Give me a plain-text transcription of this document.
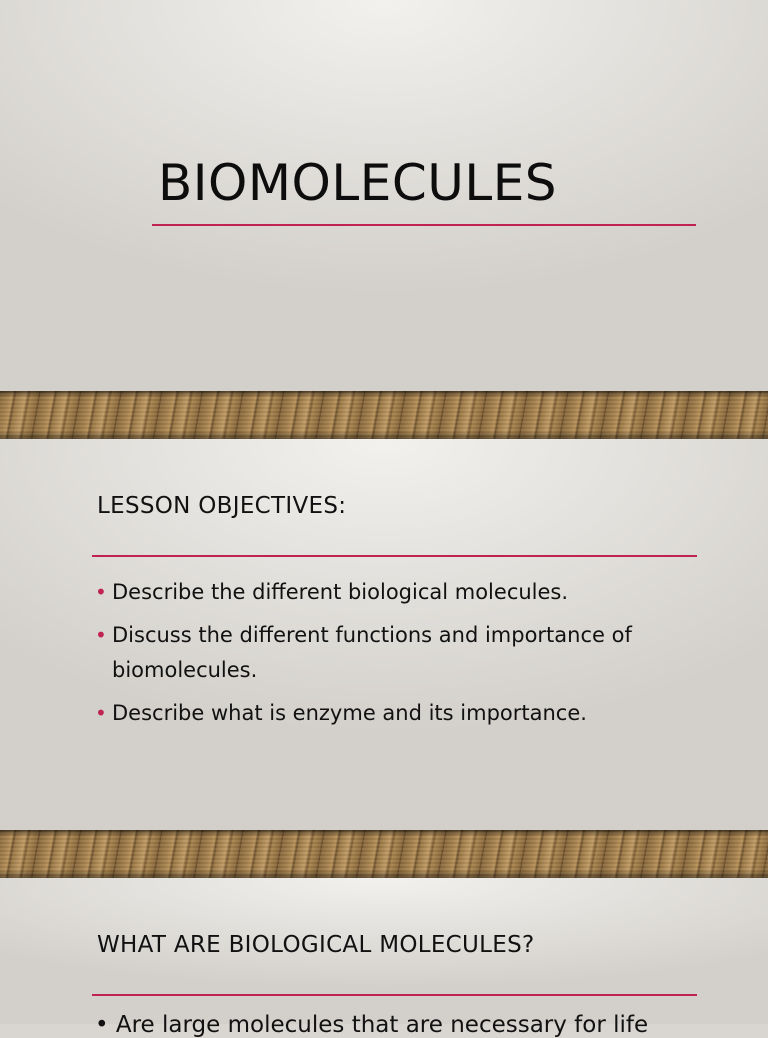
BIOMOLECULES
LESSON OBJECTIVES:
• Describe the different biological molecules.
• Discuss the different functions and importance of biomolecules.
• Describe what is enzyme and its importance.
WHAT ARE BIOLOGICAL MOLECULES?
• Are large molecules that are necessary for life
